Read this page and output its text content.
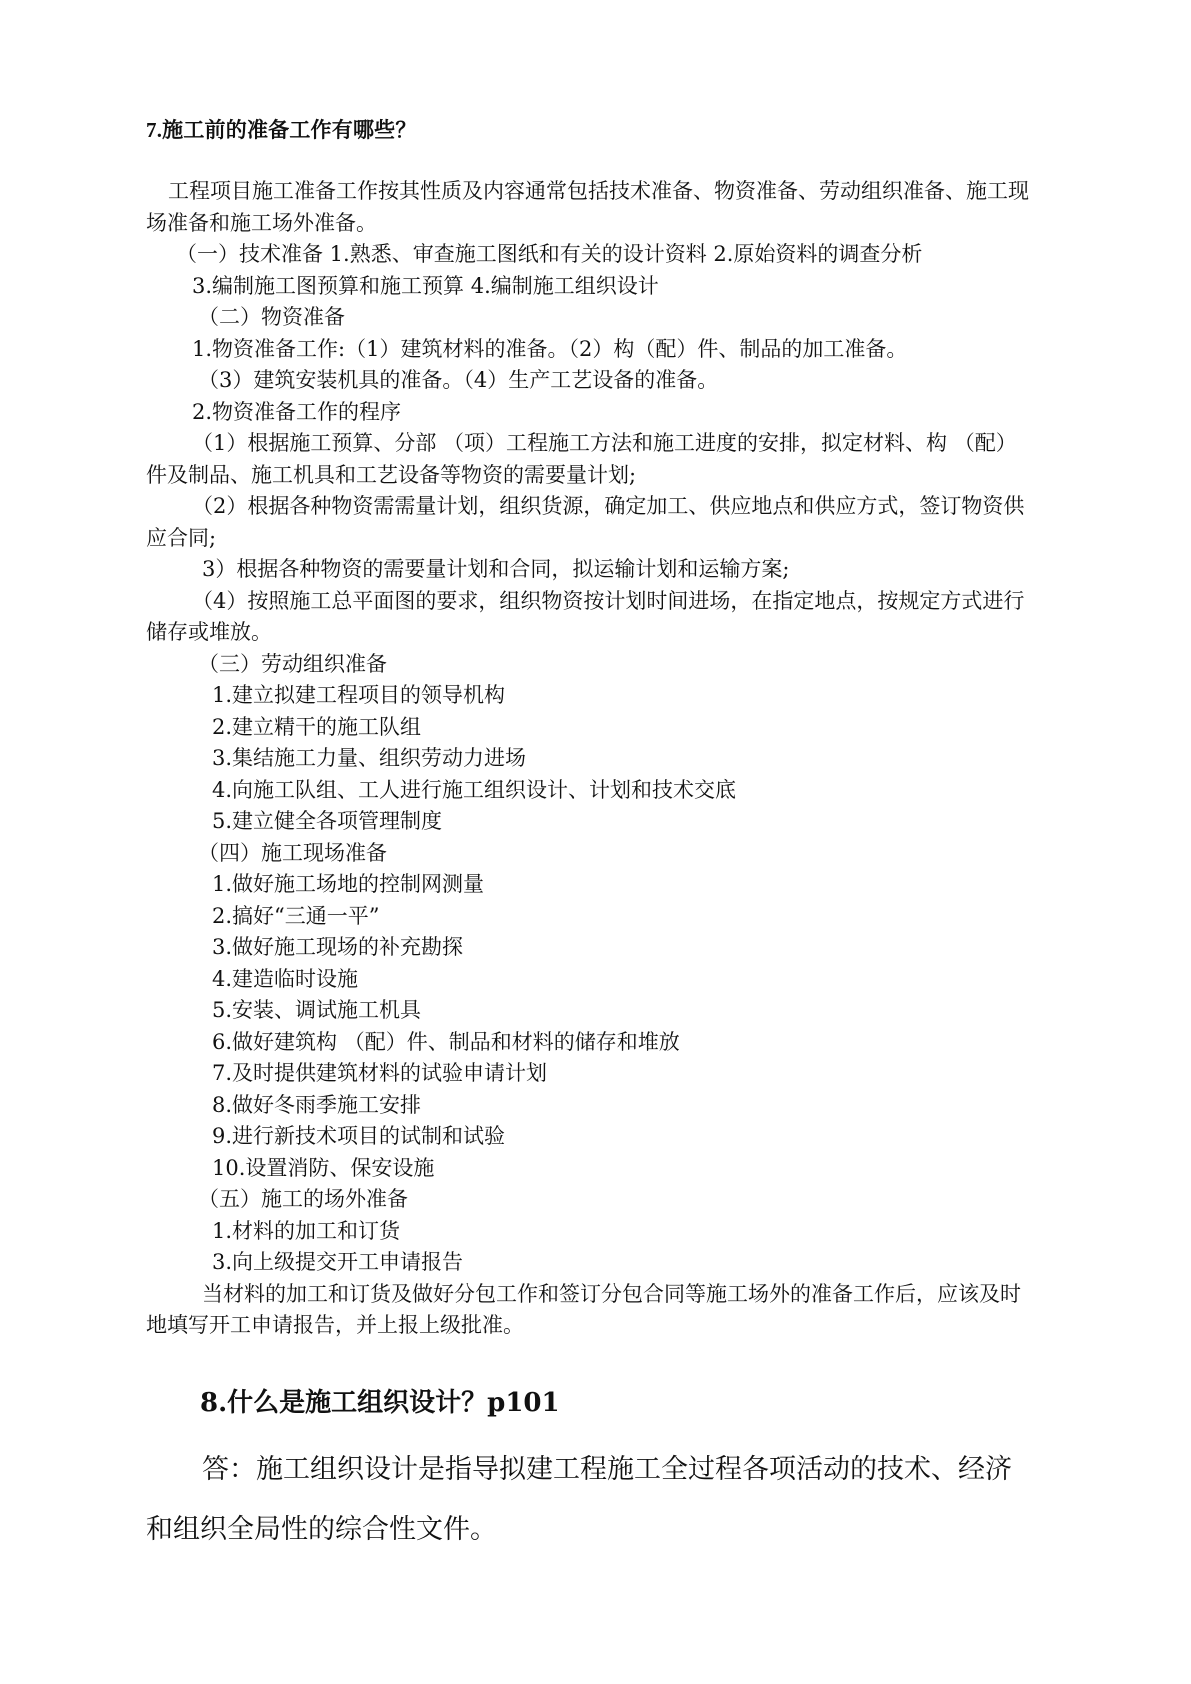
7.施工前的准备工作有哪些？

工程项目施工准备工作按其性质及内容通常包括技术准备、物资准备、劳动组织准备、施工现场准备和施工场外准备。

（一）技术准备 1.熟悉、审查施工图纸和有关的设计资料 2.原始资料的调查分析

3.编制施工图预算和施工预算 4.编制施工组织设计

（二）物资准备

1.物资准备工作:（1）建筑材料的准备。（2）构（配）件、制品的加工准备。

（3）建筑安装机具的准备。（4）生产工艺设备的准备。

2.物资准备工作的程序

（1）根据施工预算、分部 （项）工程施工方法和施工进度的安排，拟定材料、构 （配）件及制品、施工机具和工艺设备等物资的需要量计划;

（2）根据各种物资需需量计划，组织货源，确定加工、供应地点和供应方式，签订物资供应合同;

3）根据各种物资的需要量计划和合同，拟运输计划和运输方案;

（4）按照施工总平面图的要求，组织物资按计划时间进场，在指定地点，按规定方式进行储存或堆放。

（三）劳动组织准备

1.建立拟建工程项目的领导机构

2.建立精干的施工队组

3.集结施工力量、组织劳动力进场

4.向施工队组、工人进行施工组织设计、计划和技术交底

5.建立健全各项管理制度

（四）施工现场准备

1.做好施工场地的控制网测量

2.搞好“三通一平”

3.做好施工现场的补充勘探

4.建造临时设施

5.安装、调试施工机具

6.做好建筑构 （配）件、制品和材料的储存和堆放

7.及时提供建筑材料的试验申请计划

8.做好冬雨季施工安排

9.进行新技术项目的试制和试验

10.设置消防、保安设施

（五）施工的场外准备

1.材料的加工和订货

3.向上级提交开工申请报告

当材料的加工和订货及做好分包工作和签订分包合同等施工场外的准备工作后，应该及时地填写开工申请报告，并上报上级批准。

8.什么是施工组织设计？p101

答：施工组织设计是指导拟建工程施工全过程各项活动的技术、经济和组织全局性的综合性文件。
